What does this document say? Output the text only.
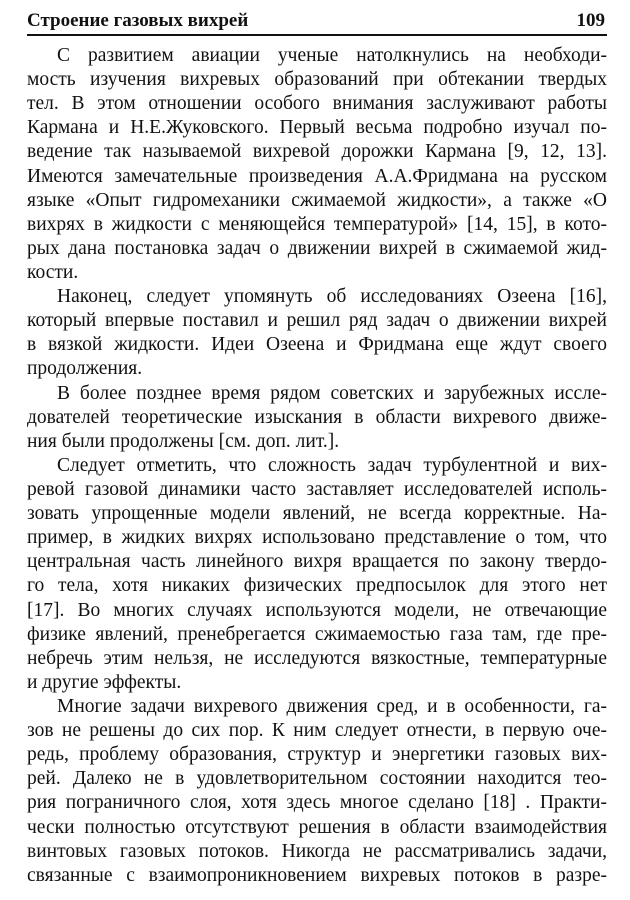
Строение газовых вихрей	109
С развитием авиации ученые натолкнулись на необходи-
мость изучения вихревых образований при обтекании твердых
тел. В этом отношении особого внимания заслуживают работы
Кармана и Н.Е.Жуковского. Первый весьма подробно изучал по-
ведение так называемой вихревой дорожки Кармана [9, 12, 13].
Имеются замечательные произведения А.А.Фридмана на русском
языке «Опыт гидромеханики сжимаемой жидкости», а также «О
вихрях в жидкости с меняющейся температурой» [14, 15], в кото-
рых дана постановка задач о движении вихрей в сжимаемой жид-
кости.
Наконец, следует упомянуть об исследованиях Озеена [16],
который впервые поставил и решил ряд задач о движении вихрей
в вязкой жидкости. Идеи Озеена и Фридмана еще ждут своего
продолжения.
В более позднее время рядом советских и зарубежных иссле-
дователей теоретические изыскания в области вихревого движе-
ния были продолжены [см. доп. лит.].
Следует отметить, что сложность задач турбулентной и вих-
ревой газовой динамики часто заставляет исследователей исполь-
зовать упрощенные модели явлений, не всегда корректные. На-
пример, в жидких вихрях использовано представление о том, что
центральная часть линейного вихря вращается по закону твердо-
го тела, хотя никаких физических предпосылок для этого нет
[17]. Во многих случаях используются модели, не отвечающие
физике явлений, пренебрегается сжимаемостью газа там, где пре-
небречь этим нельзя, не исследуются вязкостные, температурные
и другие эффекты.
Многие задачи вихревого движения сред, и в особенности, га-
зов не решены до сих пор. К ним следует отнести, в первую оче-
редь, проблему образования, структур и энергетики газовых вих-
рей. Далеко не в удовлетворительном состоянии находится тео-
рия пограничного слоя, хотя здесь многое сделано [18] . Практи-
чески полностью отсутствуют решения в области взаимодействия
винтовых газовых потоков. Никогда не рассматривались задачи,
связанные с взаимопроникновением вихревых потоков в разре-
